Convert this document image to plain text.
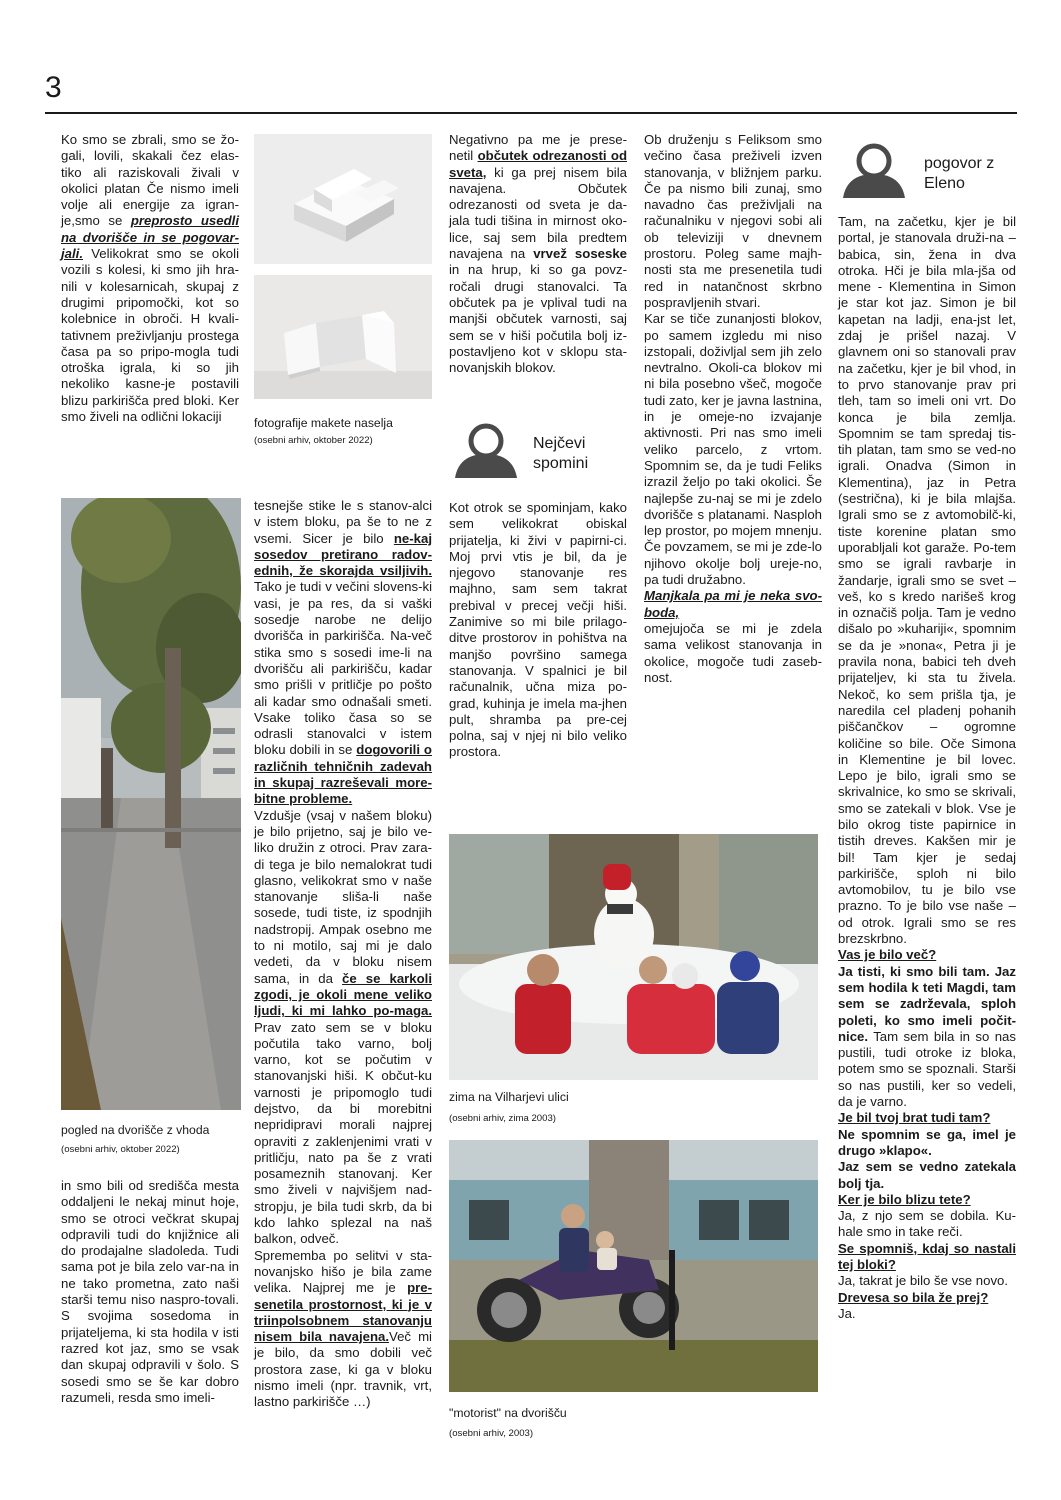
3
Ko smo se zbrali, smo se žo-gali, lovili, skakali čez elas-tiko ali raziskovali živali v okolici platan Če nismo imeli volje ali energije za igran-je,smo se preprosto usedli na dvorišče in se pogovar-jali. Velikokrat smo se okoli vozili s kolesi, ki smo jih hra-nili v kolesarnicah, skupaj z drugimi pripomočki, kot so kolebnice in obroči. H kvali-tativnem preživljanju prostega časa pa so pripo-mogla tudi otroška igrala, ki so jih nekoliko kasne-je postavili blizu parkirišča pred bloki. Ker smo živeli na odlični lokaciji	fotografije makete naselja
(osebni arhiv, oktober 2022)
pogled na dvorišče z vhoda
(osebni arhiv, oktober 2022)
in smo bili od središča mesta oddaljeni le nekaj minut hoje, smo se otroci večkrat skupaj odpravili tudi do knjižnice ali do prodajalne sladoleda. Tudi sama pot je bila zelo var-na in ne tako prometna, zato naši starši temu niso naspro-tovali. S svojima sosedoma in prijateljema, ki sta hodila v isti razred kot jaz, smo se vsak dan skupaj odpravili v šolo. S sosedi smo se še kar dobro razumeli, resda smo imeli-
tesnejše stike le s stanov-alci v istem bloku, pa še to ne z vsemi. Sicer je bilo ne-kaj sosedov pretirano radov-ednih, že skorajda vsiljivih. Tako je tudi v večini slovens-ki vasi, je pa res, da si vaški sosedje narobe ne delijo dvorišča in parkirišča. Na-več stika smo s sosedi ime-li na dvorišču ali parkirišču, kadar smo prišli v pritličje po pošto ali kadar smo odnašali smeti. Vsake toliko časa so se odrasli stanovalci v istem bloku dobili in se dogovorili o različnih tehničnih zadevah in skupaj razreševali more-bitne probleme.
Vzdušje (vsaj v našem bloku) je bilo prijetno, saj je bilo ve-liko družin z otroci. Prav zara-di tega je bilo nemalokrat tudi glasno, velikokrat smo v naše stanovanje sliša-li naše sosede, tudi tiste, iz spodnjih nadstropij. Ampak osebno me to ni motilo, saj mi je dalo vedeti, da v bloku nisem sama, in da če se karkoli zgodi, je okoli mene veliko ljudi, ki mi lahko po-maga. Prav zato sem se v bloku počutila tako varno, bolj varno, kot se počutim v stanovanjski hiši. K občut-ku varnosti je pripomoglo tudi dejstvo, da bi morebitni nepridipravi morali najprej opraviti z zaklenjenimi vrati v pritličju, nato pa še z vrati posameznih stanovanj. Ker smo živeli v najvišjem nad-stropju, je bila tudi skrb, da bi kdo lahko splezal na naš balkon, odveč.
Sprememba po selitvi v sta-novanjsko hišo je bila zame velika. Najprej me je pre-senetila prostornost, ki je v triinpolsobnem stanovanju nisem bila navajena.Več mi je bilo, da smo dobili več prostora zase, ki ga v bloku nismo imeli (npr. travnik, vrt, lastno parkirišče …)
Negativno pa me je prese-netil občutek odrezanosti od sveta, ki ga prej nisem bila navajena. Občutek odrezanosti od sveta je da-jala tudi tišina in mirnost oko-lice, saj sem bila predtem navajena na vrvež soseske in na hrup, ki so ga povz-ročali drugi stanovalci. Ta občutek pa je vplival tudi na manjši občutek varnosti, saj sem se v hiši počutila bolj iz-postavljeno kot v sklopu sta-novanjskih blokov.
Nejčevi spomini
Kot otrok se spominjam, kako sem velikokrat obiskal prijatelja, ki živi v papirni-ci. Moj prvi vtis je bil, da je njegovo stanovanje res majhno, sam sem takrat prebival v precej večji hiši. Zanimive so mi bile prilago-ditve prostorov in pohištva na manjšo površino samega stanovanja. V spalnici je bil računalnik, učna miza po-grad, kuhinja je imela ma-jhen pult, shramba pa pre-cej polna, saj v njej ni bilo veliko prostora.

Ob druženju s Feliksom smo večino časa preživeli izven stanovanja, v bližnjem parku. Če pa nismo bili zunaj, smo navadno čas preživljali na računalniku v njegovi sobi ali ob televiziji v dnevnem prostoru. Poleg same majh-nosti sta me presenetila tudi red in natančnost skrbno pospravljenih stvari.

Kar se tiče zunanjosti blokov, po samem izgledu mi niso izstopali, doživljal sem jih zelo nevtralno. Okoli-ca blokov mi ni bila posebno všeč, mogoče tudi zato, ker je javna lastnina, in je omeje-no izvajanje aktivnosti. Pri nas smo imeli veliko parcelo, z vrtom. Spomnim se, da je tudi Feliks izrazil željo po taki okolici. Še najlepše zu-naj se mi je zdelo dvorišče s platanami. Nasploh lep prostor, po mojem mnenju. Če povzamem, se mi je zde-lo njihovo okolje bolj ureje-no, pa tudi družabno.

Manjkala pa mi je neka svo-boda,

omejujoča se mi je zdela sama velikost stanovanja in okolice, mogoče tudi zaseb-nost.

zima na Vilharjevi ulici
(osebni arhiv, zima 2003)
"motorist" na dvorišču
(osebni arhiv, 2003)
pogovor z Eleno

Tam, na začetku, kjer je bil portal, je stanovala druži-na – babica, sin, žena in dva otroka. Hči je bila mla-jša od mene - Klementina in Simon je star kot jaz. Simon je bil kapetan na ladji, ena-jst let, zdaj je prišel nazaj. V glavnem oni so stanovali prav na začetku, kjer je bil vhod, in to prvo stanovanje prav pri tleh, tam so imeli oni vrt. Do konca je bila zemlja. Spomnim se tam spredaj tis-tih platan, tam smo se ved-no igrali. Onadva (Simon in Klementina), jaz in Petra (sestrična), ki je bila mlajša. Igrali smo se z avtomobilč-ki, tiste korenine platan smo uporabljali kot garaže. Po-tem smo se igrali ravbarje in žandarje, igrali smo se svet – veš, ko s kredo narišeš krog in označiš polja. Tam je vedno dišalo po »kuhariji«, spomnim se da je »nona«, Petra ji je pravila nona, babici teh dveh prijateljev, ki sta tu živela. Nekoč, ko sem prišla tja, je naredila cel pladenj pohanih piščančkov – ogromne količine so bile. Oče Simona in Klementine je bil lovec. Lepo je bilo, igrali smo se skrivalnice, ko smo se skrivali, smo se zatekali v blok. Vse je bilo okrog tiste papirnice in tistih dreves. Kakšen mir je bil! Tam kjer je sedaj parkirišče, sploh ni bilo avtomobilov, tu je bilo vse prazno. To je bilo vse naše – od otrok. Igrali smo se res brezskrbno.

Vas je bilo več?

Ja tisti, ki smo bili tam. Jaz sem hodila k teti Magdi, tam sem se zadrževala, sploh poleti, ko smo imeli počit-nice. Tam sem bila in so nas pustili, tudi otroke iz bloka, potem smo se spoznali. Starši so nas pustili, ker so vedeli, da je varno.

Je bil tvoj brat tudi tam?

Ne spomnim se ga, imel je drugo »klapo«.

Jaz sem se vedno zatekala bolj tja.

Ker je bilo blizu tete?

Ja, z njo sem se dobila. Ku-hale smo in take reči.

Se spomniš, kdaj so nastali tej bloki?

Ja, takrat je bilo še vse novo.

Drevesa so bila že prej?

Ja.
